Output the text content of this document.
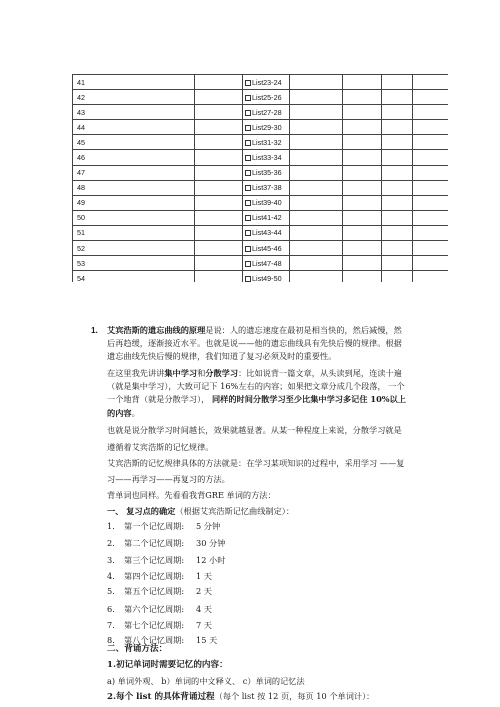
41		List23-24				
42		List25-26				
43		List27-28				
44		List29-30				
45		List31-32				
46		List33-34				
47		List35-36				
48		List37-38				
49		List39-40				
50		List41-42				
51		List43-44				
52		List45-46				
53		List47-48				
54		List49-50				
1. 艾宾浩斯的遗忘曲线的原理是说：人的遗忘速度在最初是相当快的，然后减慢，然
后再趋缓，逐渐接近水平。也就是说——他的遗忘曲线具有先快后慢的规律。根据
遗忘曲线先快后慢的规律，我们知道了复习必须及时的重要性。
在这里我先讲讲集中学习和分散学习：比如说背一篇文章，从头读到尾，连读十遍
（就是集中学习），大致可记下 16%左右的内容；如果把文章分成几个段落， 一个
一个地背（就是分散学习）， 同样的时间分散学习至少比集中学习多记住 10%以上
的内容。
也就是说分散学习时间越长，效果就越显著。从某一种程度上来说，分散学习就是
遵循着艾宾浩斯的记忆规律。
艾宾浩斯的记忆规律具体的方法就是：在学习某项知识的过程中，采用学习 ——复
习——再学习——再复习的方法。
背单词也同样。先看看我背GRE 单词的方法：
一、 复习点的确定（根据艾宾浩斯记忆曲线制定）：
1． 第一个记忆周期: 5 分钟
2． 第二个记忆周期: 30 分钟
3． 第三个记忆周期: 12 小时
4． 第四个记忆周期: 1 天
5． 第五个记忆周期: 2 天
6． 第六个记忆周期: 4 天
7． 第七个记忆周期: 7 天
8． 第八个记忆周期: 15 天
二、背诵方法：
1.初记单词时需要记忆的内容：
a) 单词外观、 b）单词的中文释义、 c）单词的记忆法
2.每个 list 的具体背诵过程（每个 list 按 12 页，每页 10 个单词计）：
